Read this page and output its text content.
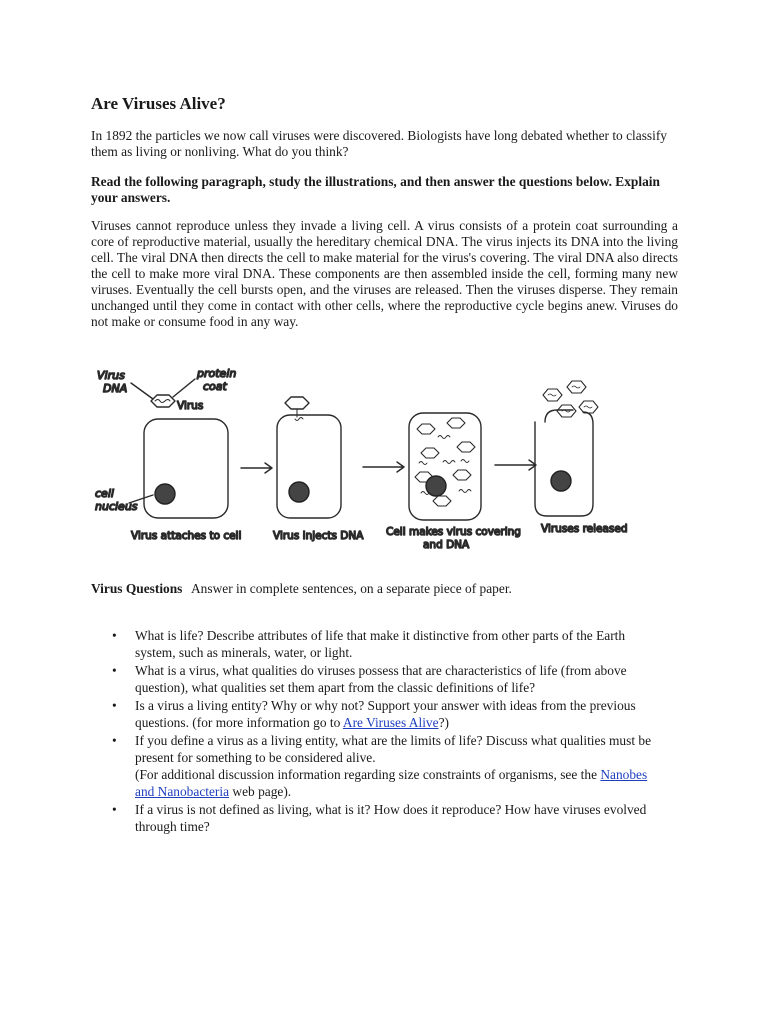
Are Viruses Alive?

In 1892 the particles we now call viruses were discovered. Biologists have long debated whether to classify them as living or nonliving. What do you think?

Read the following paragraph, study the illustrations, and then answer the questions below. Explain your answers.

Viruses cannot reproduce unless they invade a living cell. A virus consists of a protein coat surrounding a core of reproductive material, usually the hereditary chemical DNA. The virus injects its DNA into the living cell. The viral DNA then directs the cell to make material for the virus's covering. The viral DNA also directs the cell to make more viral DNA. These components are then assembled inside the cell, forming many new viruses. Eventually the cell bursts open, and the viruses are released. Then the viruses disperse. They remain unchanged until they come in contact with other cells, where the reproductive cycle begins anew. Viruses do not make or consume food in any way.

Virus
DNA
protein
coat
Virus
cell
nucleus
Virus attaches to cell	Virus injects DNA Cell makes virus covering
and DNA
Viruses released

Virus Questions Answer in complete sentences, on a separate piece of paper.

• What is life? Describe attributes of life that make it distinctive from other parts of the Earth system, such as minerals, water, or light.
• What is a virus, what qualities do viruses possess that are characteristics of life (from above question), what qualities set them apart from the classic definitions of life?
• Is a virus a living entity? Why or why not? Support your answer with ideas from the previous questions. (for more information go to Are Viruses Alive?)
• If you define a virus as a living entity, what are the limits of life? Discuss what qualities must be present for something to be considered alive.
(For additional discussion information regarding size constraints of organisms, see the Nanobes and Nanobacteria web page).
• If a virus is not defined as living, what is it? How does it reproduce? How have viruses evolved through time?
